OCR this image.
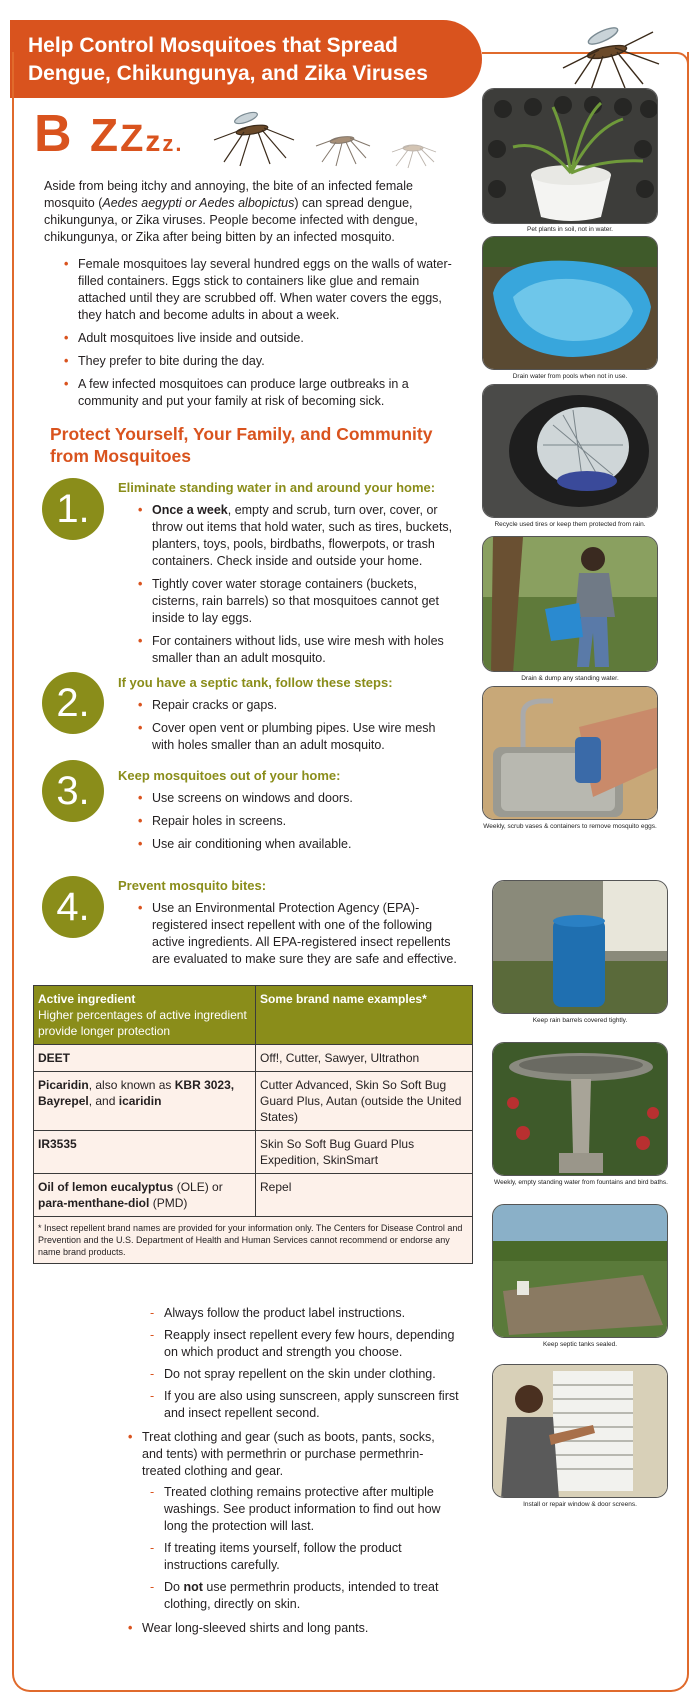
Help Control Mosquitoes that Spread
Dengue, Chikungunya, and Zika Viruses
B ZZzz.

Aside from being itchy and annoying, the bite of an infected female mosquito (Aedes aegypti or Aedes albopictus) can spread dengue, chikungunya, or Zika viruses. People become infected with dengue, chikungunya, or Zika after being bitten by an infected mosquito.

• Female mosquitoes lay several hundred eggs on the walls of water-filled containers. Eggs stick to containers like glue and remain attached until they are scrubbed off. When water covers the eggs, they hatch and become adults in about a week.
• Adult mosquitoes live inside and outside.
• They prefer to bite during the day.
• A few infected mosquitoes can produce large outbreaks in a community and put your family at risk of becoming sick.
Protect Yourself, Your Family, and Community from Mosquitoes
1.	Eliminate standing water in and around your home:
• Once a week, empty and scrub, turn over, cover, or throw out items that hold water, such as tires, buckets, planters, toys, pools, birdbaths, flowerpots, or trash containers. Check inside and outside your home.
• Tightly cover water storage containers (buckets, cisterns, rain barrels) so that mosquitoes cannot get inside to lay eggs.
• For containers without lids, use wire mesh with holes smaller than an adult mosquito.
2.	If you have a septic tank, follow these steps:
• Repair cracks or gaps.
• Cover open vent or plumbing pipes. Use wire mesh with holes smaller than an adult mosquito.
3.	Keep mosquitoes out of your home:
• Use screens on windows and doors.
• Repair holes in screens.
• Use air conditioning when available.
4.	Prevent mosquito bites:
• Use an Environmental Protection Agency (EPA)-registered insect repellent with one of the following active ingredients. All EPA-registered insect repellents are evaluated to make sure they are safe and effective.
Active ingredient
Higher percentages of active ingredient provide longer protection	Some brand name examples*
DEET	Off!, Cutter, Sawyer, Ultrathon
Picaridin, also known as KBR 3023, Bayrepel, and icaridin	Cutter Advanced, Skin So Soft Bug Guard Plus, Autan (outside the United States)
IR3535	Skin So Soft Bug Guard Plus Expedition, SkinSmart
Oil of lemon eucalyptus (OLE) or para-menthane-diol (PMD)	Repel
* Insect repellent brand names are provided for your information only. The Centers for Disease Control and Prevention and the U.S. Department of Health and Human Services cannot recommend or endorse any name brand products.	
- Always follow the product label instructions.
- Reapply insect repellent every few hours, depending on which product and strength you choose.
- Do not spray repellent on the skin under clothing.
- If you are also using sunscreen, apply sunscreen first and insect repellent second.
• Treat clothing and gear (such as boots, pants, socks, and tents) with permethrin or purchase permethrin-treated clothing and gear.
- Treated clothing remains protective after multiple washings. See product information to find out how long the protection will last.
- If treating items yourself, follow the product instructions carefully.
- Do not use permethrin products, intended to treat clothing, directly on skin.
• Wear long-sleeved shirts and long pants.
Pet plants in soil, not in water.
Drain water from pools when not in use.
Recycle used tires or keep them protected from rain.
Drain & dump any standing water.
Weekly, scrub vases & containers to remove mosquito eggs.
Keep rain barrels covered tightly.
Weekly, empty standing water from fountains and bird baths.
Keep septic tanks sealed.
Install or repair window & door screens.
